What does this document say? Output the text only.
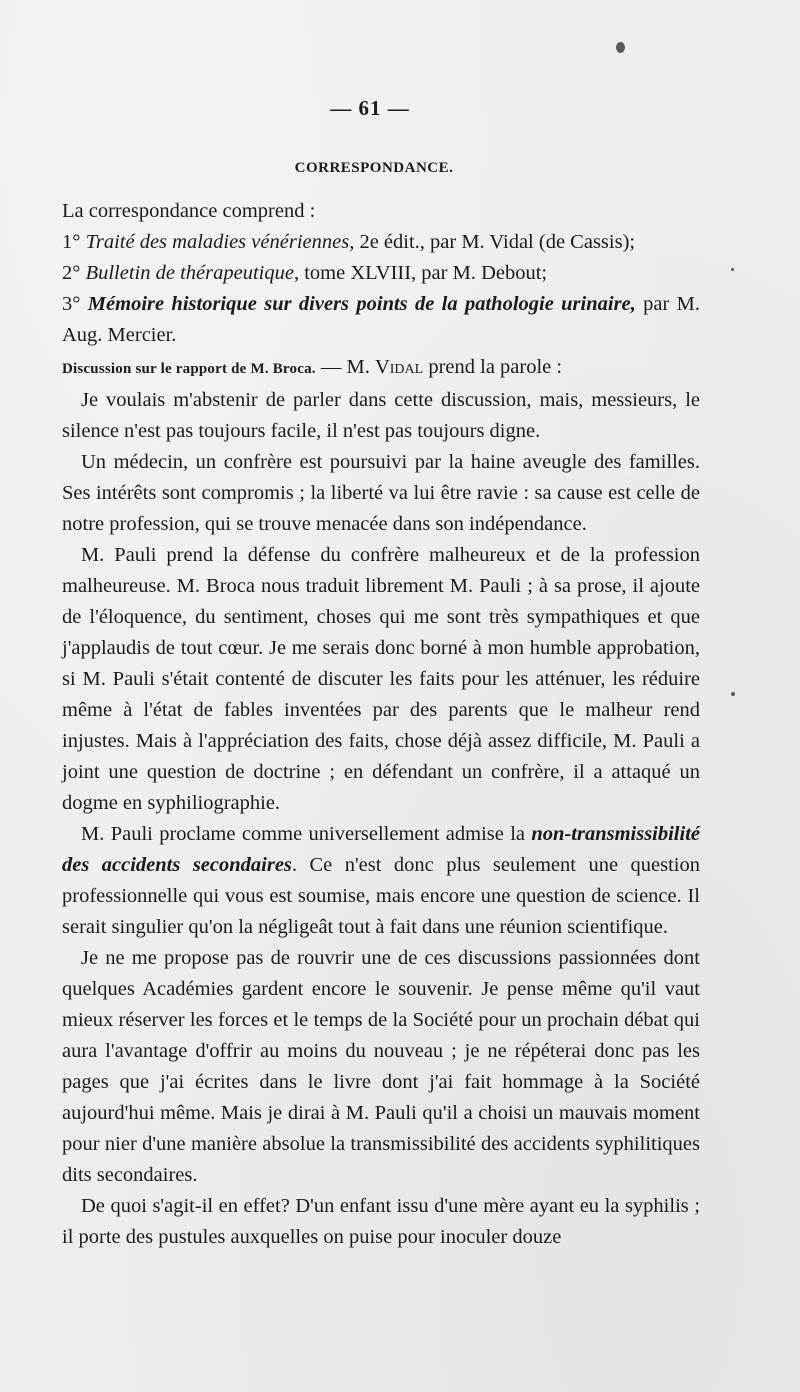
— 61 —
CORRESPONDANCE.

La correspondance comprend :

1° Traité des maladies vénériennes, 2e édit., par M. Vidal (de Cassis);

2° Bulletin de thérapeutique, tome XLVIII, par M. Debout;

3° Mémoire historique sur divers points de la pathologie urinaire, par M. Aug. Mercier.

Discussion sur le rapport de M. Broca. — M. Vidal prend la parole :

Je voulais m'abstenir de parler dans cette discussion, mais, messieurs, le silence n'est pas toujours facile, il n'est pas toujours digne.

Un médecin, un confrère est poursuivi par la haine aveugle des familles. Ses intérêts sont compromis ; la liberté va lui être ravie : sa cause est celle de notre profession, qui se trouve menacée dans son indépendance.

M. Pauli prend la défense du confrère malheureux et de la profession malheureuse. M. Broca nous traduit librement M. Pauli ; à sa prose, il ajoute de l'éloquence, du sentiment, choses qui me sont très sympathiques et que j'applaudis de tout cœur. Je me serais donc borné à mon humble approbation, si M. Pauli s'était contenté de discuter les faits pour les atténuer, les réduire même à l'état de fables inventées par des parents que le malheur rend injustes. Mais à l'appréciation des faits, chose déjà assez difficile, M. Pauli a joint une question de doctrine ; en défendant un confrère, il a attaqué un dogme en syphiliographie.

M. Pauli proclame comme universellement admise la non-transmissibilité des accidents secondaires. Ce n'est donc plus seulement une question professionnelle qui vous est soumise, mais encore une question de science. Il serait singulier qu'on la négligeât tout à fait dans une réunion scientifique.

Je ne me propose pas de rouvrir une de ces discussions passionnées dont quelques Académies gardent encore le souvenir. Je pense même qu'il vaut mieux réserver les forces et le temps de la Société pour un prochain débat qui aura l'avantage d'offrir au moins du nouveau ; je ne répéterai donc pas les pages que j'ai écrites dans le livre dont j'ai fait hommage à la Société aujourd'hui même. Mais je dirai à M. Pauli qu'il a choisi un mauvais moment pour nier d'une manière absolue la transmissibilité des accidents syphilitiques dits secondaires.

De quoi s'agit-il en effet? D'un enfant issu d'une mère ayant eu la syphilis ; il porte des pustules auxquelles on puise pour inoculer douze
